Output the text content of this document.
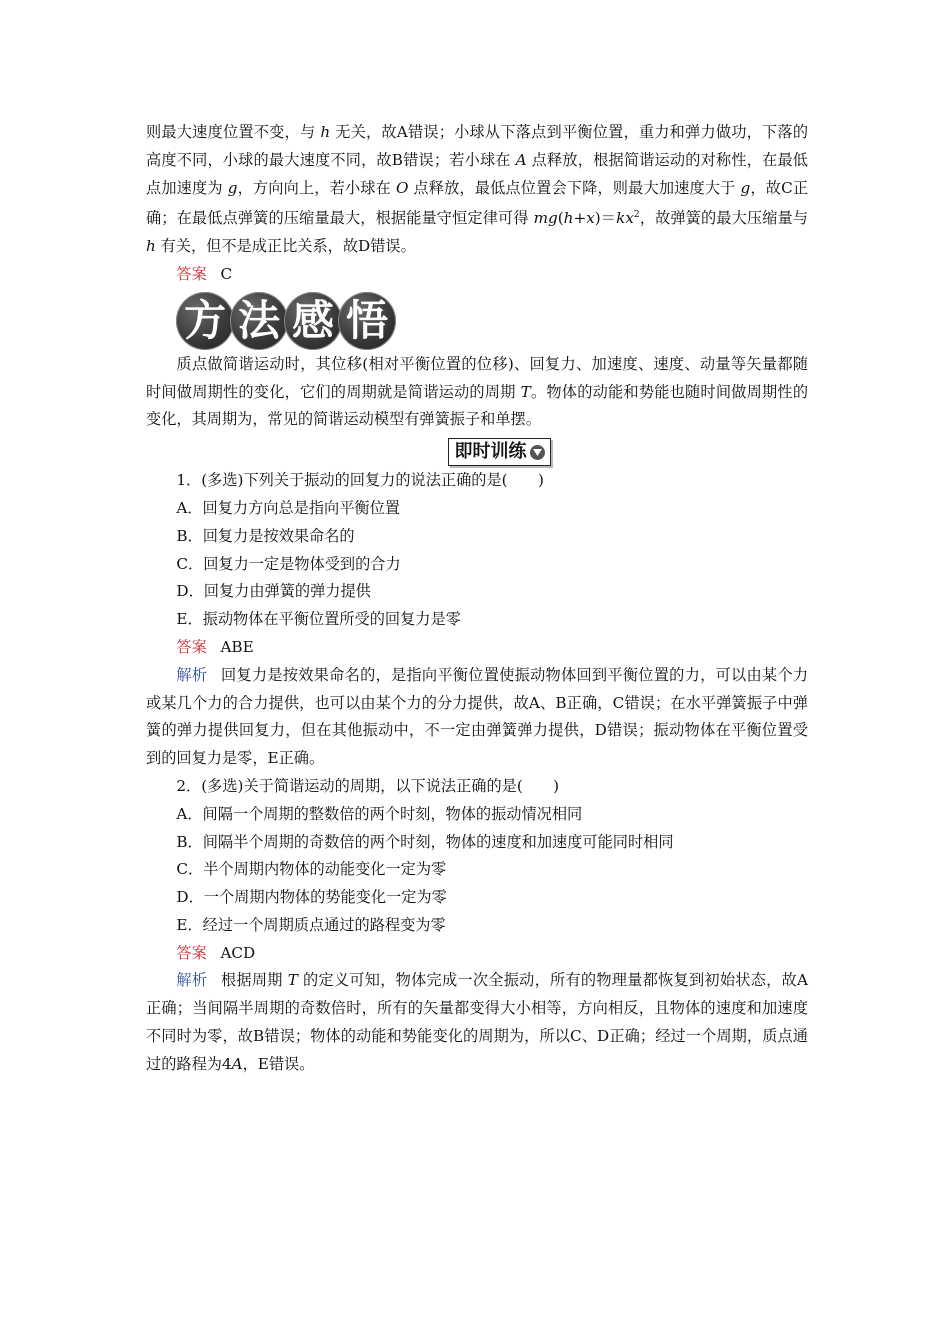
则最大速度位置不变，与 h 无关，故A错误；小球从下落点到平衡位置，重力和弹力做功，下落的高度不同，小球的最大速度不同，故B错误；若小球在 A 点释放，根据简谐运动的对称性，在最低点加速度为 g，方向向上，若小球在 O 点释放，最低点位置会下降，则最大加速度大于 g，故C正确；在最低点弹簧的压缩量最大，根据能量守恒定律可得 $mg(h+x)=kx^2$，故弹簧的最大压缩量与 h 有关，但不是成正比关系，故D错误。

答案 C

方 法 感 悟

质点做简谐运动时，其位移(相对平衡位置的位移)、回复力、加速度、速度、动量等矢量都随时间做周期性的变化，它们的周期就是简谐运动的周期 T。物体的动能和势能也随时间做周期性的变化，其周期为，常见的简谐运动模型有弹簧振子和单摆。

即时训练

1．(多选)下列关于振动的回复力的说法正确的是(　　)

A．回复力方向总是指向平衡位置

B．回复力是按效果命名的

C．回复力一定是物体受到的合力

D．回复力由弹簧的弹力提供

E．振动物体在平衡位置所受的回复力是零

答案 ABE

解析 回复力是按效果命名的，是指向平衡位置使振动物体回到平衡位置的力，可以由某个力或某几个力的合力提供，也可以由某个力的分力提供，故A、B正确，C错误；在水平弹簧振子中弹簧的弹力提供回复力，但在其他振动中，不一定由弹簧弹力提供，D错误；振动物体在平衡位置受到的回复力是零，E正确。

2．(多选)关于简谐运动的周期，以下说法正确的是(　　)

A．间隔一个周期的整数倍的两个时刻，物体的振动情况相同

B．间隔半个周期的奇数倍的两个时刻，物体的速度和加速度可能同时相同

C．半个周期内物体的动能变化一定为零

D．一个周期内物体的势能变化一定为零

E．经过一个周期质点通过的路程变为零

答案 ACD

解析 根据周期 T 的定义可知，物体完成一次全振动，所有的物理量都恢复到初始状态，故A正确；当间隔半周期的奇数倍时，所有的矢量都变得大小相等，方向相反，且物体的速度和加速度不同时为零，故B错误；物体的动能和势能变化的周期为，所以C、D正确；经过一个周期，质点通过的路程为4A，E错误。
